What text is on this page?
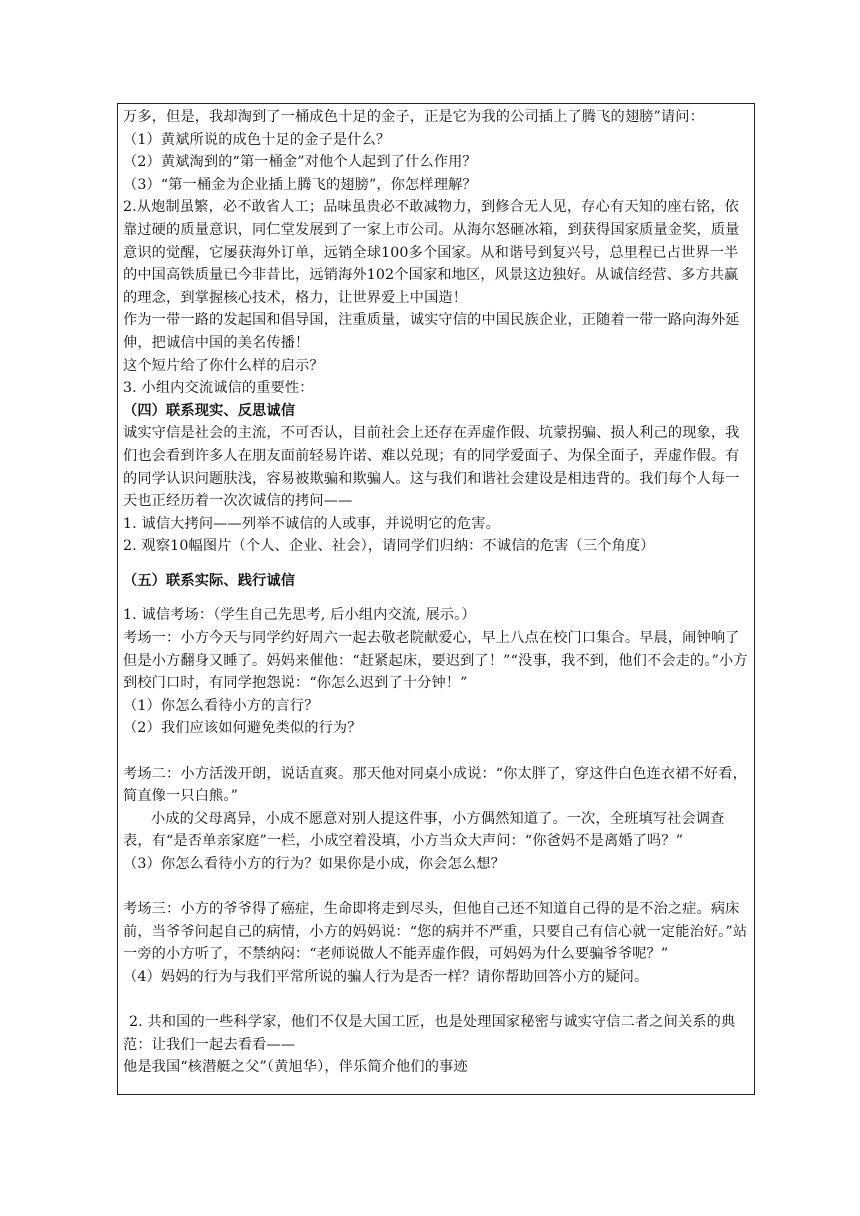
万多，但是，我却淘到了一桶成色十足的金子，正是它为我的公司插上了腾飞的翅膀”请问：

（1）黄斌所说的成色十足的金子是什么？

（2）黄斌淘到的“第一桶金”对他个人起到了什么作用？

（3）“第一桶金为企业插上腾飞的翅膀”，你怎样理解？

2.从炮制虽繁，必不敢省人工；品味虽贵必不敢减物力，到修合无人见，存心有天知的座右铭，依靠过硬的质量意识，同仁堂发展到了一家上市公司。从海尔怒砸冰箱，到获得国家质量金奖，质量意识的觉醒，它屡获海外订单，远销全球100多个国家。从和谐号到复兴号，总里程已占世界一半的中国高铁质量已今非昔比，远销海外102个国家和地区，风景这边独好。从诚信经营、多方共赢的理念，到掌握核心技术，格力，让世界爱上中国造！

作为一带一路的发起国和倡导国，注重质量，诚实守信的中国民族企业，正随着一带一路向海外延伸，把诚信中国的美名传播！

这个短片给了你什么样的启示？

3. 小组内交流诚信的重要性：

（四）联系现实、反思诚信

诚实守信是社会的主流，不可否认，目前社会上还存在弄虚作假、坑蒙拐骗、损人利己的现象，我们也会看到许多人在朋友面前轻易许诺、难以兑现；有的同学爱面子、为保全面子，弄虚作假。有的同学认识问题肤浅，容易被欺骗和欺骗人。这与我们和谐社会建设是相违背的。我们每个人每一天也正经历着一次次诚信的拷问——

1. 诚信大拷问——列举不诚信的人或事，并说明它的危害。

2. 观察10幅图片（个人、企业、社会），请同学们归纳：不诚信的危害（三个角度）

（五）联系实际、践行诚信

1. 诚信考场：（学生自己先思考, 后小组内交流, 展示。）

考场一：小方今天与同学约好周六一起去敬老院献爱心，早上八点在校门口集合。早晨，闹钟响了但是小方翻身又睡了。妈妈来催他：“赶紧起床，要迟到了！”“没事，我不到，他们不会走的。”小方到校门口时，有同学抱怨说：“你怎么迟到了十分钟！”

（1）你怎么看待小方的言行？

（2）我们应该如何避免类似的行为？

考场二：小方活泼开朗，说话直爽。那天他对同桌小成说：“你太胖了，穿这件白色连衣裙不好看，简直像一只白熊。”

小成的父母离异，小成不愿意对别人提这件事，小方偶然知道了。一次，全班填写社会调查表，有“是否单亲家庭”一栏，小成空着没填，小方当众大声问：“你爸妈不是离婚了吗？”

（3）你怎么看待小方的行为？如果你是小成，你会怎么想？

考场三：小方的爷爷得了癌症，生命即将走到尽头，但他自己还不知道自己得的是不治之症。病床前，当爷爷问起自己的病情，小方的妈妈说：“您的病并不严重，只要自己有信心就一定能治好。”站一旁的小方听了，不禁纳闷：“老师说做人不能弄虚作假，可妈妈为什么要骗爷爷呢？”

（4）妈妈的行为与我们平常所说的骗人行为是否一样？请你帮助回答小方的疑问。

2. 共和国的一些科学家，他们不仅是大国工匠，也是处理国家秘密与诚实守信二者之间关系的典范：让我们一起去看看——

他是我国“核潜艇之父”（黄旭华），伴乐简介他们的事迹
